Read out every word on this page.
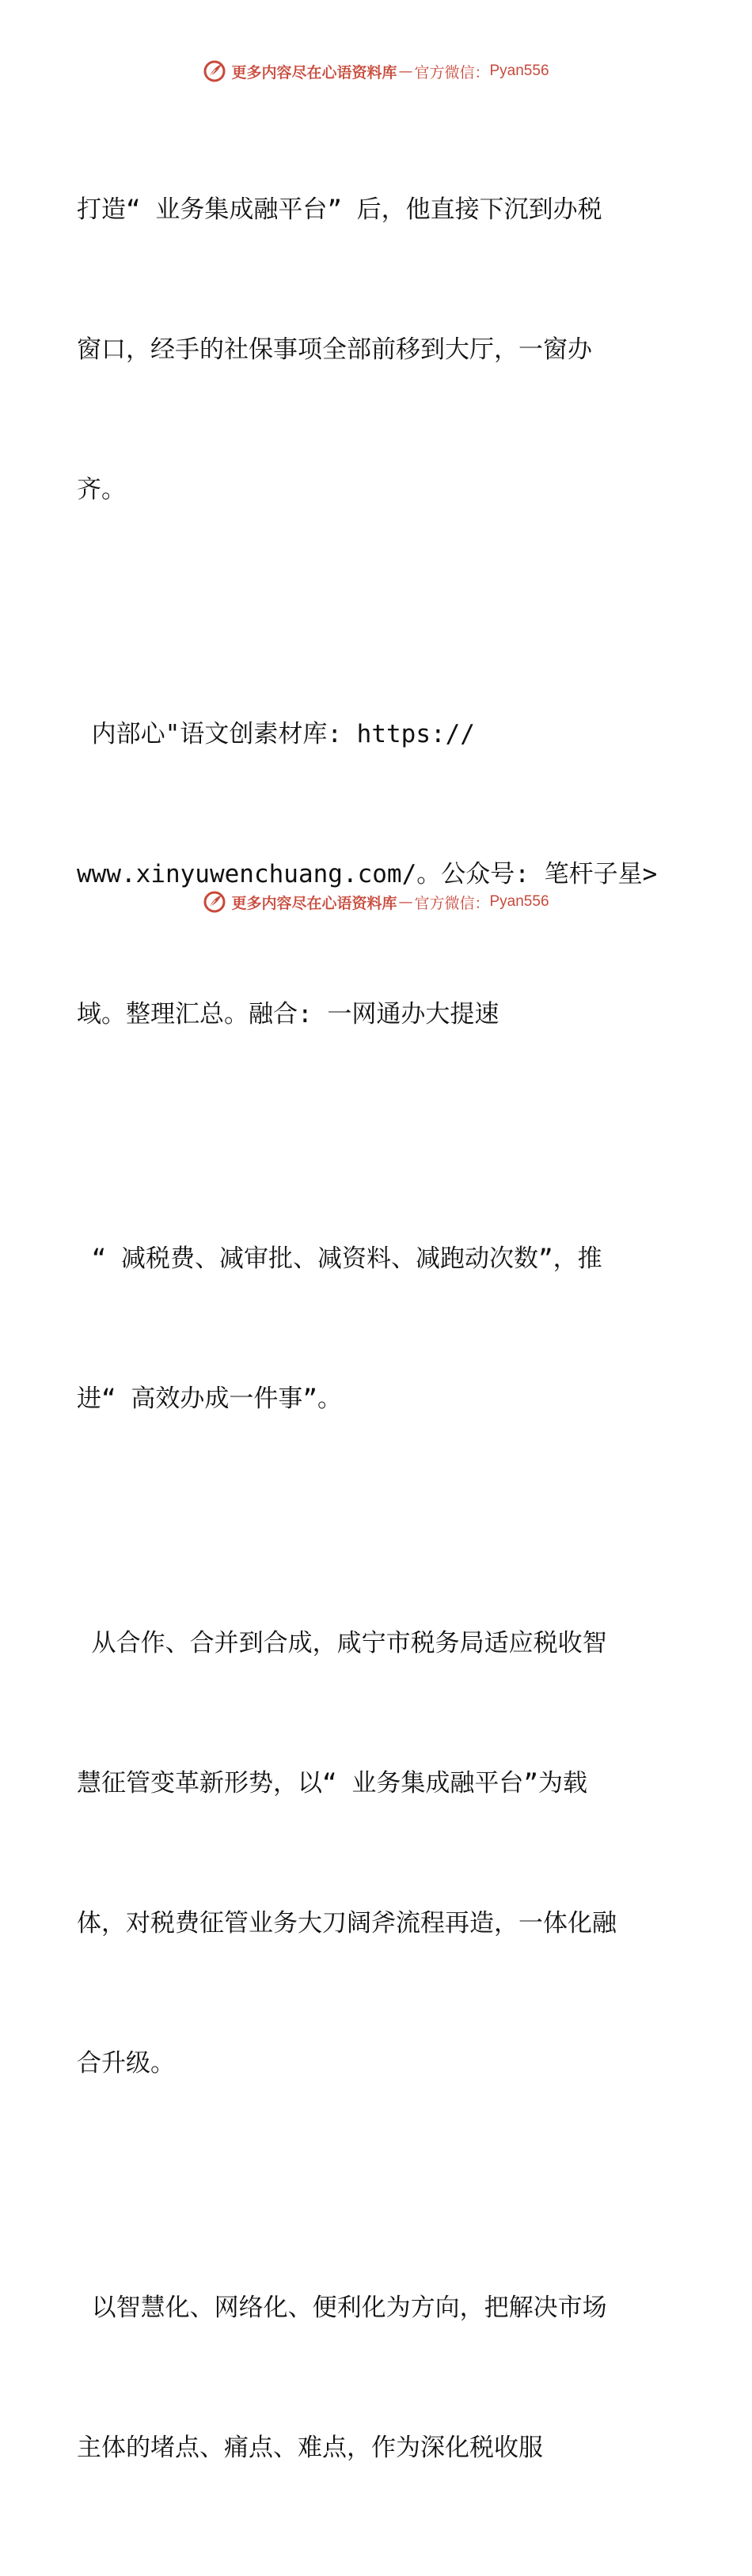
更多内容尽在心语资料库 — 官方微信： Pyan556

打造“ 业务集成融平台” 后，他直接下沉到办税

窗口，经手的社保事项全部前移到大厅，一窗办

齐。

内部心"语文创素材库: https://

www.xinyuwenchuang.com/。公众号: 笔杆子星>

域。整理汇总。融合: 一网通办大提速

“ 减税费、减审批、减资料、减跑动次数”，推

进“ 高效办成一件事”。

从合作、合并到合成，咸宁市税务局适应税收智

慧征管变革新形势，以“ 业务集成融平台”为载

体，对税费征管业务大刀阔斧流程再造，一体化融

合升级。

以智慧化、网络化、便利化为方向，把解决市场

主体的堵点、痛点、难点，作为深化税收服

更多内容尽在心语资料库 — 官方微信： Pyan556
